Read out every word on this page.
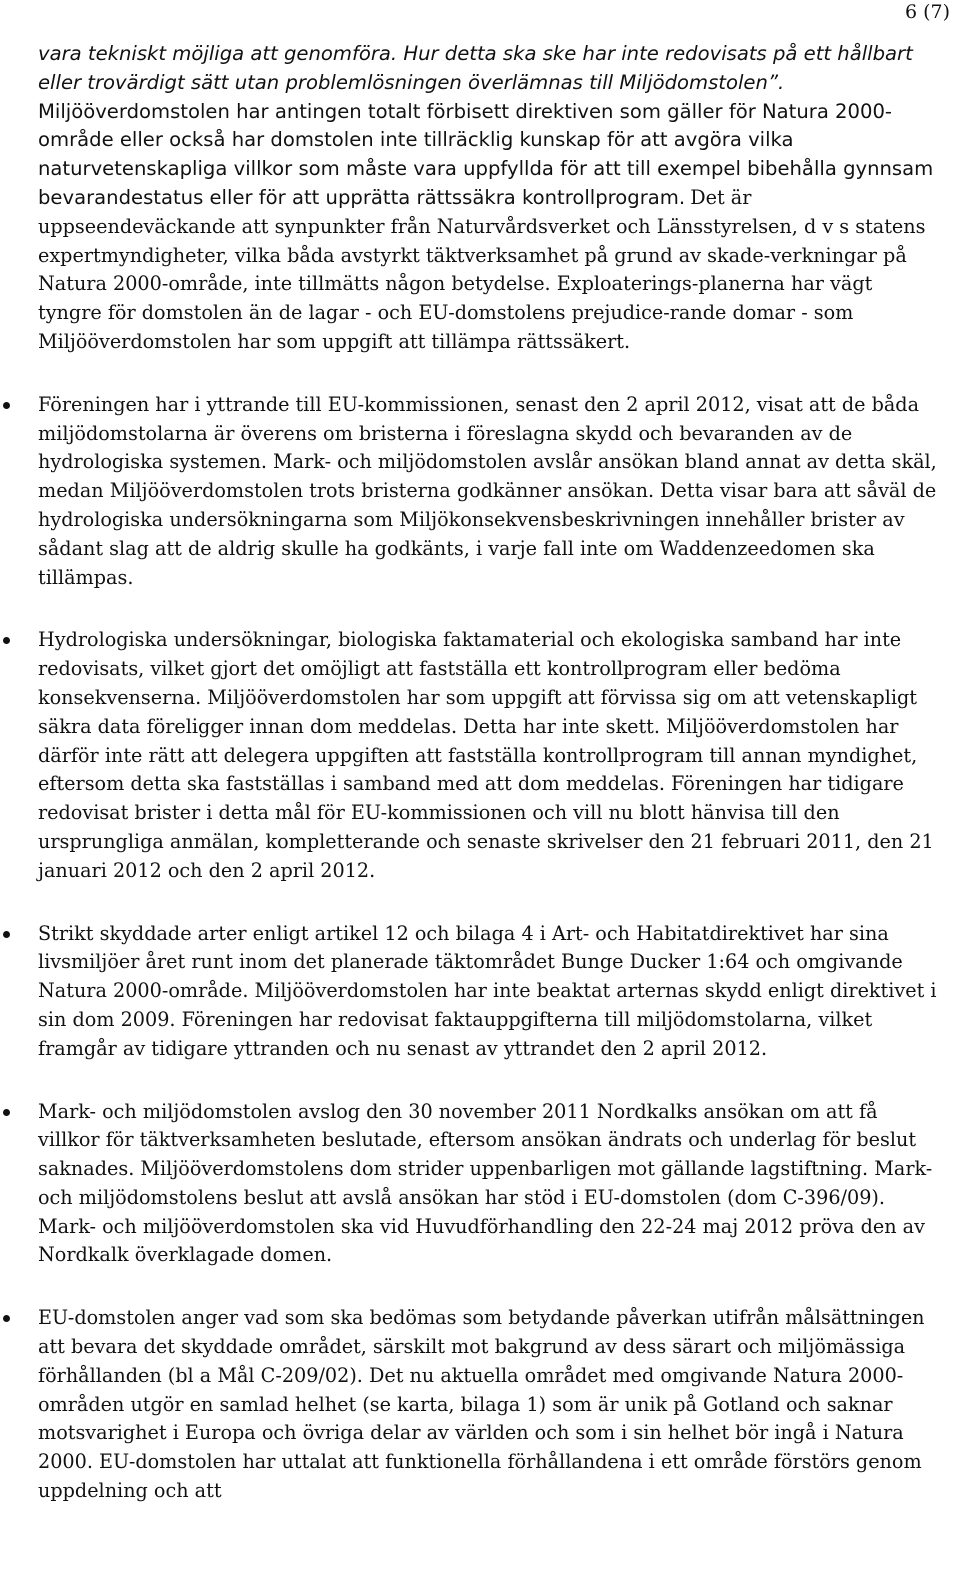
6 (7)

vara tekniskt möjliga att genomföra. Hur detta ska ske har inte redovisats på ett hållbart eller trovärdigt sätt utan problemlösningen överlämnas till Miljödomstolen”. Miljööverdomstolen har antingen totalt förbisett direktiven som gäller för Natura 2000-område eller också har domstolen inte tillräcklig kunskap för att avgöra vilka naturvetenskapliga villkor som måste vara uppfyllda för att till exempel bibehålla gynnsam bevarandestatus eller för att upprätta rättssäkra kontrollprogram. Det är uppseendeväckande att synpunkter från Naturvårdsverket och Länsstyrelsen, d v s statens expertmyndigheter, vilka båda avstyrkt täktverksamhet på grund av skade-verkningar på Natura 2000-område, inte tillmätts någon betydelse. Exploaterings-planerna har vägt tyngre för domstolen än de lagar - och EU-domstolens prejudice-rande domar - som Miljööverdomstolen har som uppgift att tillämpa rättssäkert.

Föreningen har i yttrande till EU-kommissionen, senast den 2 april 2012, visat att de båda miljödomstolarna är överens om bristerna i föreslagna skydd och bevaranden av de hydrologiska systemen. Mark- och miljödomstolen avslår ansökan bland annat av detta skäl, medan Miljööverdomstolen trots bristerna godkänner ansökan. Detta visar bara att såväl de hydrologiska undersökningarna som Miljökonsekvensbeskrivningen innehåller brister av sådant slag att de aldrig skulle ha godkänts, i varje fall inte om Waddenzeedomen ska tillämpas.
Hydrologiska undersökningar, biologiska faktamaterial och ekologiska samband har inte redovisats, vilket gjort det omöjligt att fastställa ett kontrollprogram eller bedöma konsekvenserna. Miljööverdomstolen har som uppgift att förvissa sig om att vetenskapligt säkra data föreligger innan dom meddelas. Detta har inte skett. Miljööverdomstolen har därför inte rätt att delegera uppgiften att fastställa kontrollprogram till annan myndighet, eftersom detta ska fastställas i samband med att dom meddelas. Föreningen har tidigare redovisat brister i detta mål för EU-kommissionen och vill nu blott hänvisa till den ursprungliga anmälan, kompletterande och senaste skrivelser den 21 februari 2011, den 21 januari 2012 och den 2 april 2012.
Strikt skyddade arter enligt artikel 12 och bilaga 4 i Art- och Habitatdirektivet har sina livsmiljöer året runt inom det planerade täktområdet Bunge Ducker 1:64 och omgivande Natura 2000-område. Miljööverdomstolen har inte beaktat arternas skydd enligt direktivet i sin dom 2009. Föreningen har redovisat faktauppgifterna till miljödomstolarna, vilket framgår av tidigare yttranden och nu senast av yttrandet den 2 april 2012.
Mark- och miljödomstolen avslog den 30 november 2011 Nordkalks ansökan om att få villkor för täktverksamheten beslutade, eftersom ansökan ändrats och underlag för beslut saknades. Miljööverdomstolens dom strider uppenbarligen mot gällande lagstiftning. Mark- och miljödomstolens beslut att avslå ansökan har stöd i EU-domstolen (dom C-396/09). Mark- och miljööverdomstolen ska vid Huvudförhandling den 22-24 maj 2012 pröva den av Nordkalk överklagade domen.
EU-domstolen anger vad som ska bedömas som betydande påverkan utifrån målsättningen att bevara det skyddade området, särskilt mot bakgrund av dess särart och miljömässiga förhållanden (bl a Mål C-209/02). Det nu aktuella området med omgivande Natura 2000-områden utgör en samlad helhet (se karta, bilaga 1) som är unik på Gotland och saknar motsvarighet i Europa och övriga delar av världen och som i sin helhet bör ingå i Natura 2000. EU-domstolen har uttalat att funktionella förhållandena i ett område förstörs genom uppdelning och att
